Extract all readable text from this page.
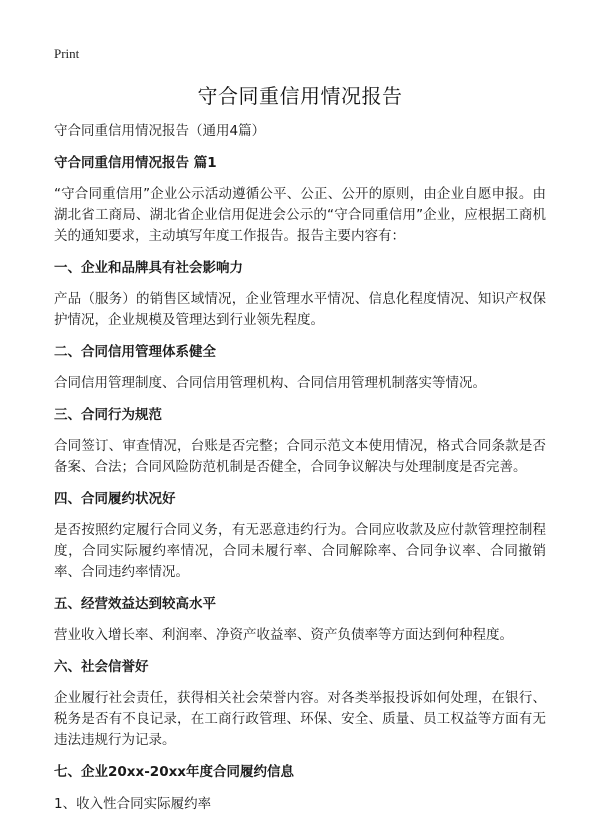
Print
守合同重信用情况报告

守合同重信用情况报告（通用4篇）

守合同重信用情况报告 篇1

“守合同重信用”企业公示活动遵循公平、公正、公开的原则，由企业自愿申报。由湖北省工商局、湖北省企业信用促进会公示的“守合同重信用”企业，应根据工商机关的通知要求，主动填写年度工作报告。报告主要内容有：

一、企业和品牌具有社会影响力

产品（服务）的销售区域情况，企业管理水平情况、信息化程度情况、知识产权保护情况，企业规模及管理达到行业领先程度。

二、合同信用管理体系健全

合同信用管理制度、合同信用管理机构、合同信用管理机制落实等情况。

三、合同行为规范

合同签订、审查情况，台账是否完整；合同示范文本使用情况，格式合同条款是否备案、合法；合同风险防范机制是否健全，合同争议解决与处理制度是否完善。

四、合同履约状况好

是否按照约定履行合同义务，有无恶意违约行为。合同应收款及应付款管理控制程度，合同实际履约率情况，合同未履行率、合同解除率、合同争议率、合同撤销率、合同违约率情况。

五、经营效益达到较高水平

营业收入增长率、利润率、净资产收益率、资产负债率等方面达到何种程度。

六、社会信誉好

企业履行社会责任，获得相关社会荣誉内容。对各类举报投诉如何处理，在银行、税务是否有不良记录，在工商行政管理、环保、安全、质量、员工权益等方面有无违法违规行为记录。

七、企业20xx-20xx年度合同履约信息

1、收入性合同实际履约率
